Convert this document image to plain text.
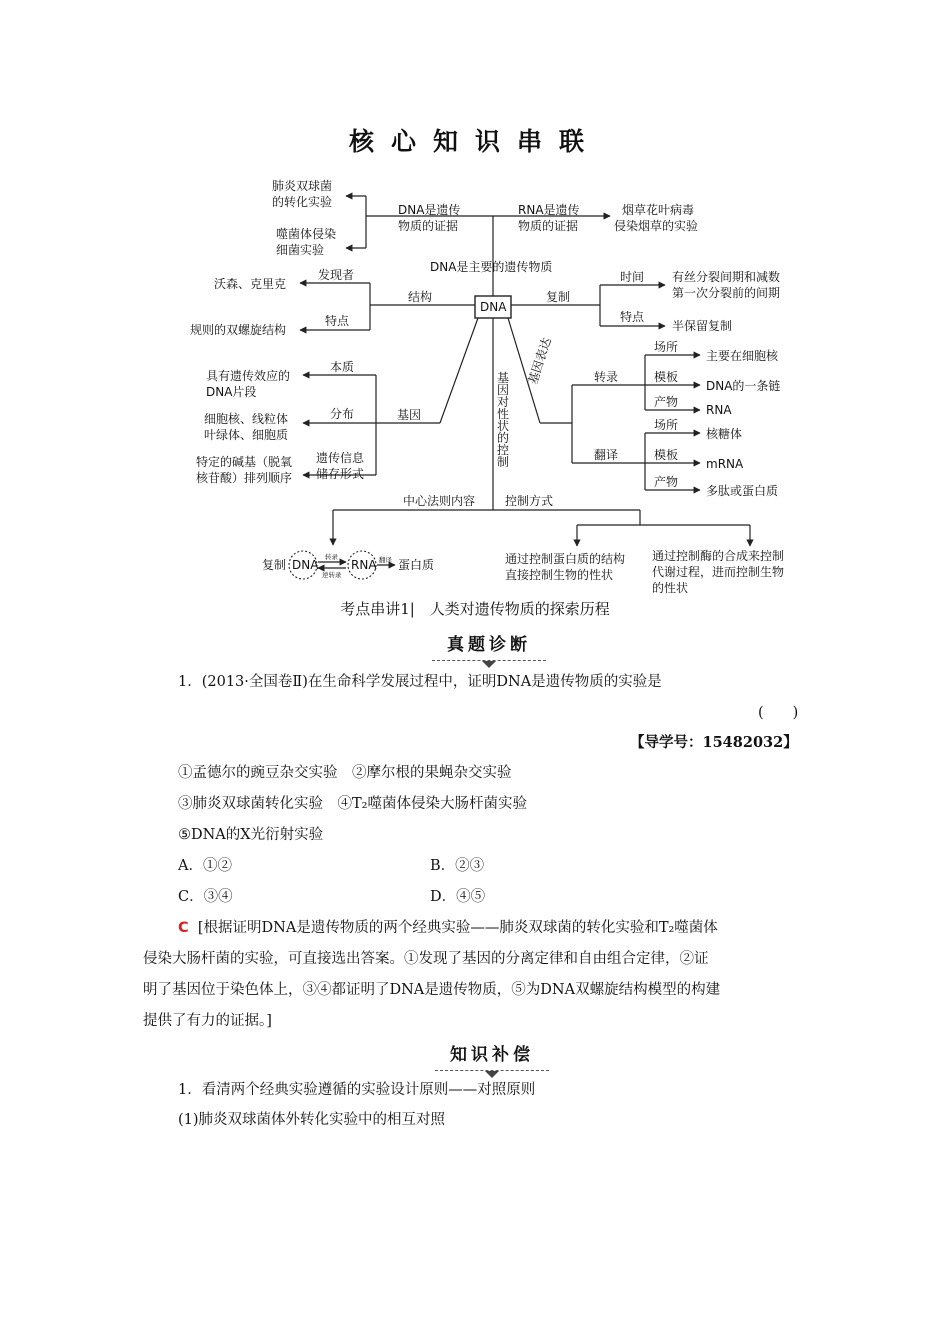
核心知识串联
肺炎双球菌
的转化实验
噬菌体侵染
细菌实验
DNA是遗传
物质的证据
RNA是遗传
物质的证据
烟草花叶病毒
侵染烟草的实验
DNA是主要的遗传物质
发现者
沃森、克里克
结构
特点
规则的双螺旋结构
DNA
复制
时间 有丝分裂间期和减数
第一次分裂前的间期
特点
半保留复制
基
因
表
达
基
因
对
性
状
的
控
制
本质
具有遗传效应的
DNA片段
分布
细胞核、线粒体
叶绿体、细胞质
基因
遗传信息
储存形式
特定的碱基（脱氧
核苷酸）排列顺序
转录
场所
主要在细胞核
模板
DNA的一条链
产物
RNA
翻译
场所
核糖体
模板
mRNA
产物
多肽或蛋白质
中心法则内容 控制方式
复制 DNA	RNA
转录
逆转录
翻译 蛋白质	通过控制蛋白质的结构
直接控制生物的性状
通过控制酶的合成来控制
代谢过程，进而控制生物
的性状
考点串讲1|　人类对遗传物质的探索历程
真题诊断
1．(2013·全国卷Ⅱ)在生命科学发展过程中，证明DNA是遗传物质的实验是
(　　)
【导学号：15482032】
①孟德尔的豌豆杂交实验　②摩尔根的果蝇杂交实验
③肺炎双球菌转化实验　④T₂噬菌体侵染大肠杆菌实验
⑤DNA的X光衍射实验
A．①②	B．②③
C．③④	D．④⑤
C [根据证明DNA是遗传物质的两个经典实验——肺炎双球菌的转化实验和T₂噬菌体
侵染大肠杆菌的实验，可直接选出答案。①发现了基因的分离定律和自由组合定律，②证
明了基因位于染色体上，③④都证明了DNA是遗传物质，⑤为DNA双螺旋结构模型的构建
提供了有力的证据。]
知识补偿
1．看清两个经典实验遵循的实验设计原则——对照原则
(1)肺炎双球菌体外转化实验中的相互对照
